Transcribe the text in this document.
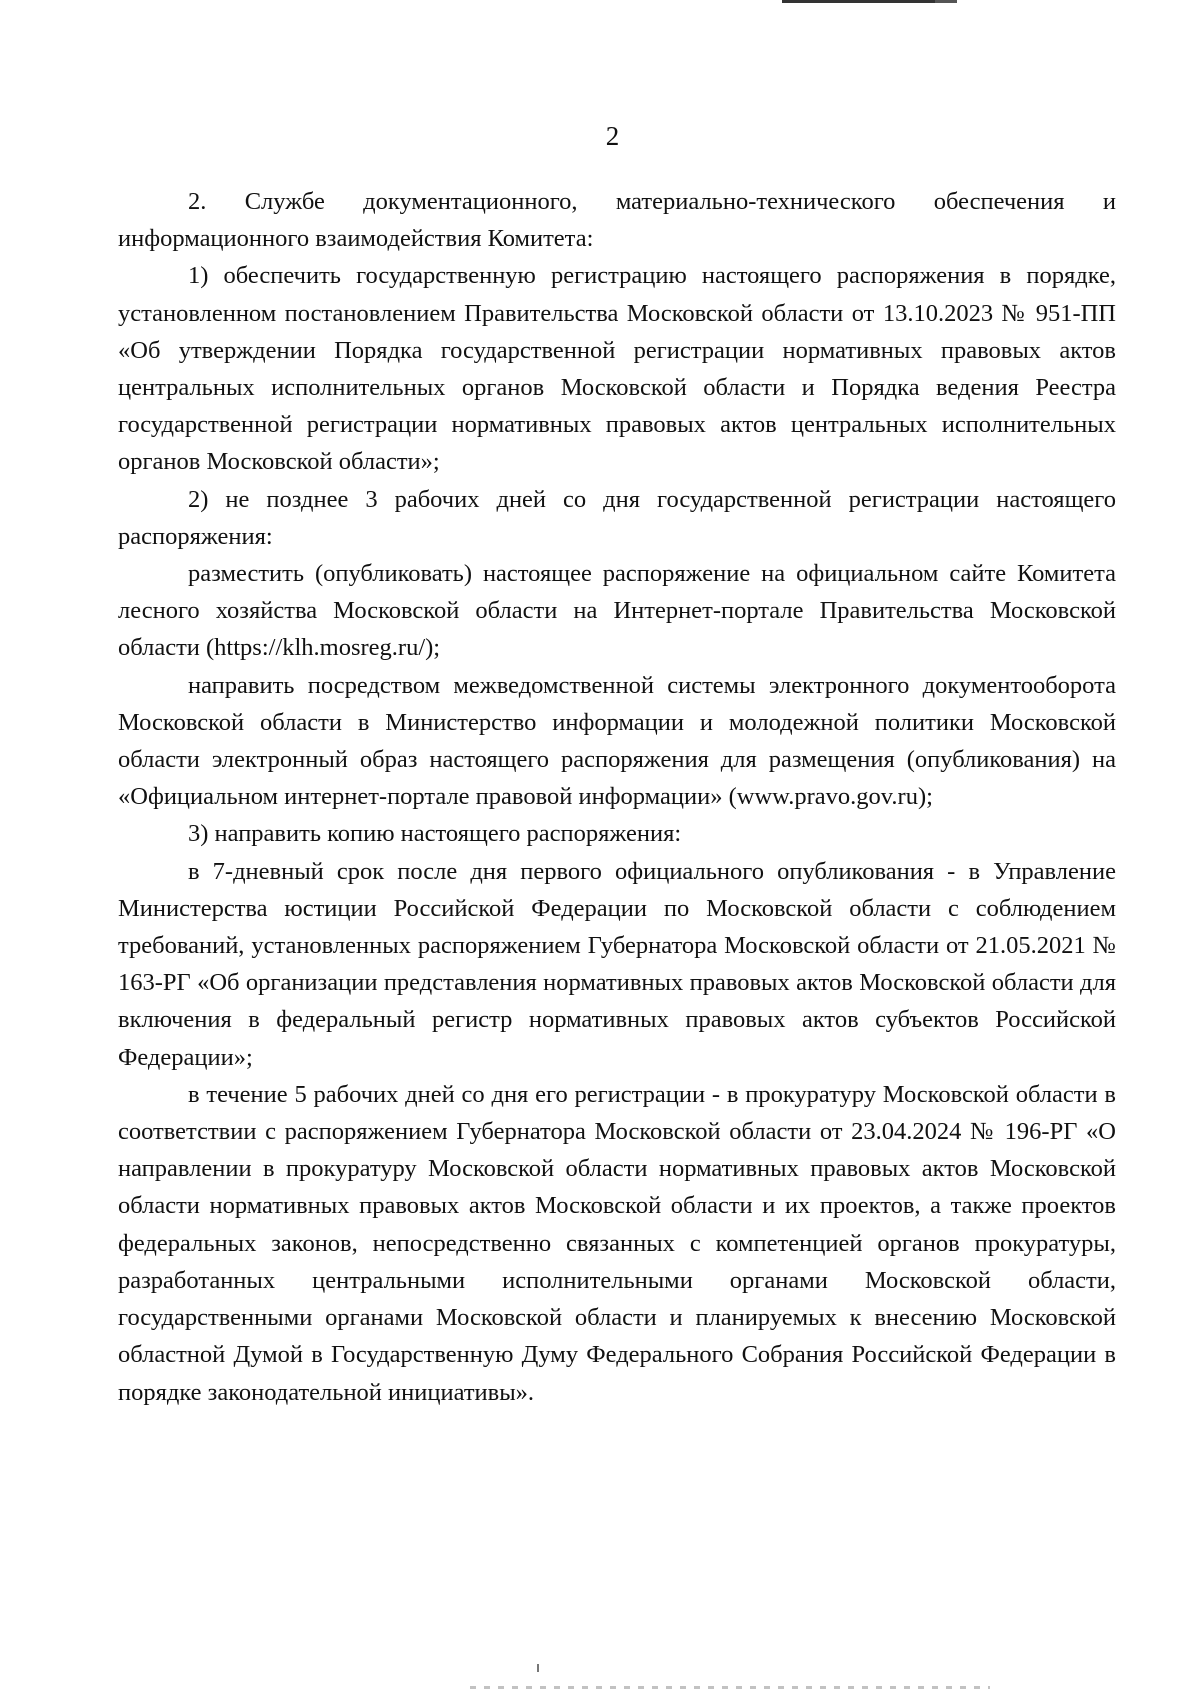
2

2. Службе документационного, материально-технического обеспечения и информационного взаимодействия Комитета:

1) обеспечить государственную регистрацию настоящего распоряжения в порядке, установленном постановлением Правительства Московской области от 13.10.2023 № 951-ПП «Об утверждении Порядка государственной регистрации нормативных правовых актов центральных исполнительных органов Московской области и Порядка ведения Реестра государственной регистрации нормативных правовых актов центральных исполнительных органов Московской области»;

2) не позднее 3 рабочих дней со дня государственной регистрации настоящего распоряжения:

разместить (опубликовать) настоящее распоряжение на официальном сайте Комитета лесного хозяйства Московской области на Интернет-портале Правительства Московской области (https://klh.mosreg.ru/);

направить посредством межведомственной системы электронного документооборота Московской области в Министерство информации и молодежной политики Московской области электронный образ настоящего распоряжения для размещения (опубликования) на «Официальном интернет-портале правовой информации» (www.pravo.gov.ru);

3) направить копию настоящего распоряжения:

в 7-дневный срок после дня первого официального опубликования - в Управление Министерства юстиции Российской Федерации по Московской области с соблюдением требований, установленных распоряжением Губернатора Московской области от 21.05.2021 № 163-РГ «Об организации представления нормативных правовых актов Московской области для включения в федеральный регистр нормативных правовых актов субъектов Российской Федерации»;

в течение 5 рабочих дней со дня его регистрации - в прокуратуру Московской области в соответствии с распоряжением Губернатора Московской области от 23.04.2024 № 196-РГ «О направлении в прокуратуру Московской области нормативных правовых актов Московской области нормативных правовых актов Московской области и их проектов, а также проектов федеральных законов, непосредственно связанных с компетенцией органов прокуратуры, разработанных центральными исполнительными органами Московской области, государственными органами Московской области и планируемых к внесению Московской областной Думой в Государственную Думу Федерального Собрания Российской Федерации в порядке законодательной инициативы».
